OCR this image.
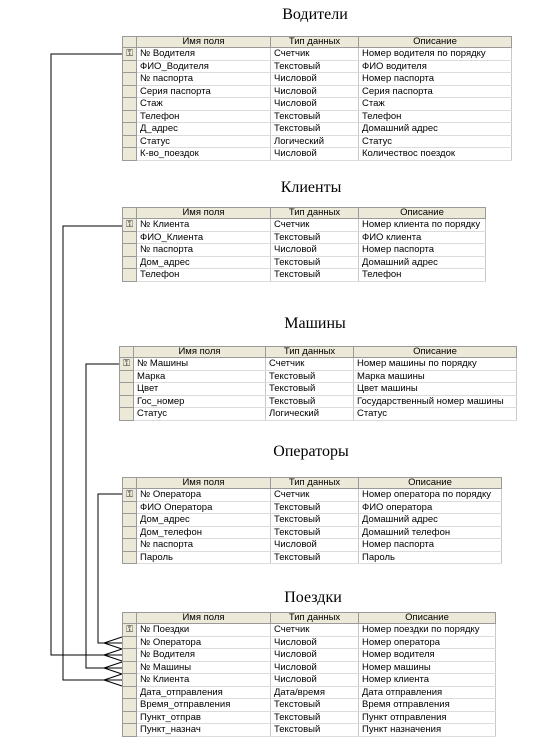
Водители
Клиенты
Машины
Операторы
Поездки
	Имя поля	Тип данных	Описание
⚿	№ Водителя	Счетчик	Номер водителя по порядку
	ФИО_Водителя	Текстовый	ФИО водителя
	№ паспорта	Числовой	Номер паспорта
	Серия паспорта	Числовой	Серия паспорта
	Стаж	Числовой	Стаж
	Телефон	Текстовый	Телефон
	Д_адрес	Текстовый	Домашний адрес
	Статус	Логический	Статус
	К-во_поездок	Числовой	Количествос поездок
	Имя поля	Тип данных	Описание
⚿	№ Клиента	Счетчик	Номер клиента по порядку
	ФИО_Клиента	Текстовый	ФИО клиента
	№ паспорта	Числовой	Номер паспорта
	Дом_адрес	Текстовый	Домашний адрес
	Телефон	Текстовый	Телефон
	Имя поля	Тип данных	Описание
⚿	№ Машины	Счетчик	Номер машины по порядку
	Марка	Текстовый	Марка машины
	Цвет	Текстовый	Цвет машины
	Гос_номер	Текстовый	Государственный номер машины
	Статус	Логический	Статус
	Имя поля	Тип данных	Описание
⚿	№ Оператора	Счетчик	Номер оператора по порядку
	ФИО Оператора	Текстовый	ФИО оператора
	Дом_адрес	Текстовый	Домашний адрес
	Дом_телефон	Текстовый	Домашний телефон
	№ паспорта	Числовой	Номер паспорта
	Пароль	Текстовый	Пароль
	Имя поля	Тип данных	Описание
⚿	№ Поездки	Счетчик	Номер поездки по порядку
	№ Оператора	Числовой	Номер оператора
	№ Водителя	Числовой	Номер водителя
	№ Машины	Числовой	Номер машины
	№ Клиента	Числовой	Номер клиента
	Дата_отправления	Дата/время	Дата отправления
	Время_отправления	Текстовый	Время отправления
	Пункт_отправ	Текстовый	Пункт отправления
	Пункт_назнач	Текстовый	Пункт назначения
